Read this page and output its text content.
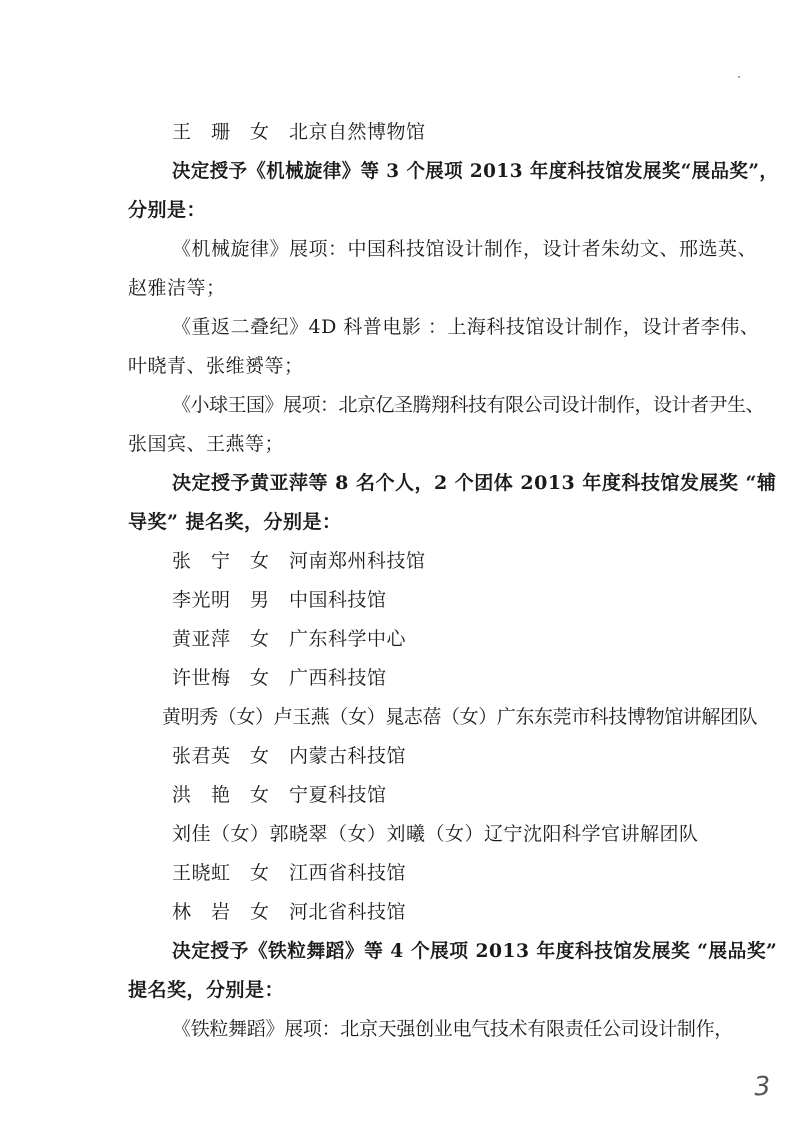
王　珊　女　北京自然博物馆
决定授予《机械旋律》等 3 个展项 2013 年度科技馆发展奖“展品奖”，
分别是：
《机械旋律》展项：中国科技馆设计制作，设计者朱幼文、邢选英、
赵雅洁等；
《重返二叠纪》4D 科普电影 ：上海科技馆设计制作，设计者李伟、
叶晓青、张维赟等；
《小球王国》展项：北京亿圣腾翔科技有限公司设计制作，设计者尹生、
张国宾、王燕等；
决定授予黄亚萍等 8 名个人，2 个团体 2013 年度科技馆发展奖 “辅
导奖” 提名奖，分别是：
张　宁　女　河南郑州科技馆
李光明　男　中国科技馆
黄亚萍　女　广东科学中心
许世梅　女　广西科技馆
黄明秀（女）卢玉燕（女）晁志蓓（女）广东东莞市科技博物馆讲解团队
张君英　女　内蒙古科技馆
洪　艳　女　宁夏科技馆
刘佳（女）郭晓翠（女）刘曦（女）辽宁沈阳科学官讲解团队
王晓虹　女　江西省科技馆
林　岩　女　河北省科技馆
决定授予《铁粒舞蹈》等 4 个展项 2013 年度科技馆发展奖 “展品奖”
提名奖，分别是：
《铁粒舞蹈》展项：北京天强创业电气技术有限责任公司设计制作，
3
